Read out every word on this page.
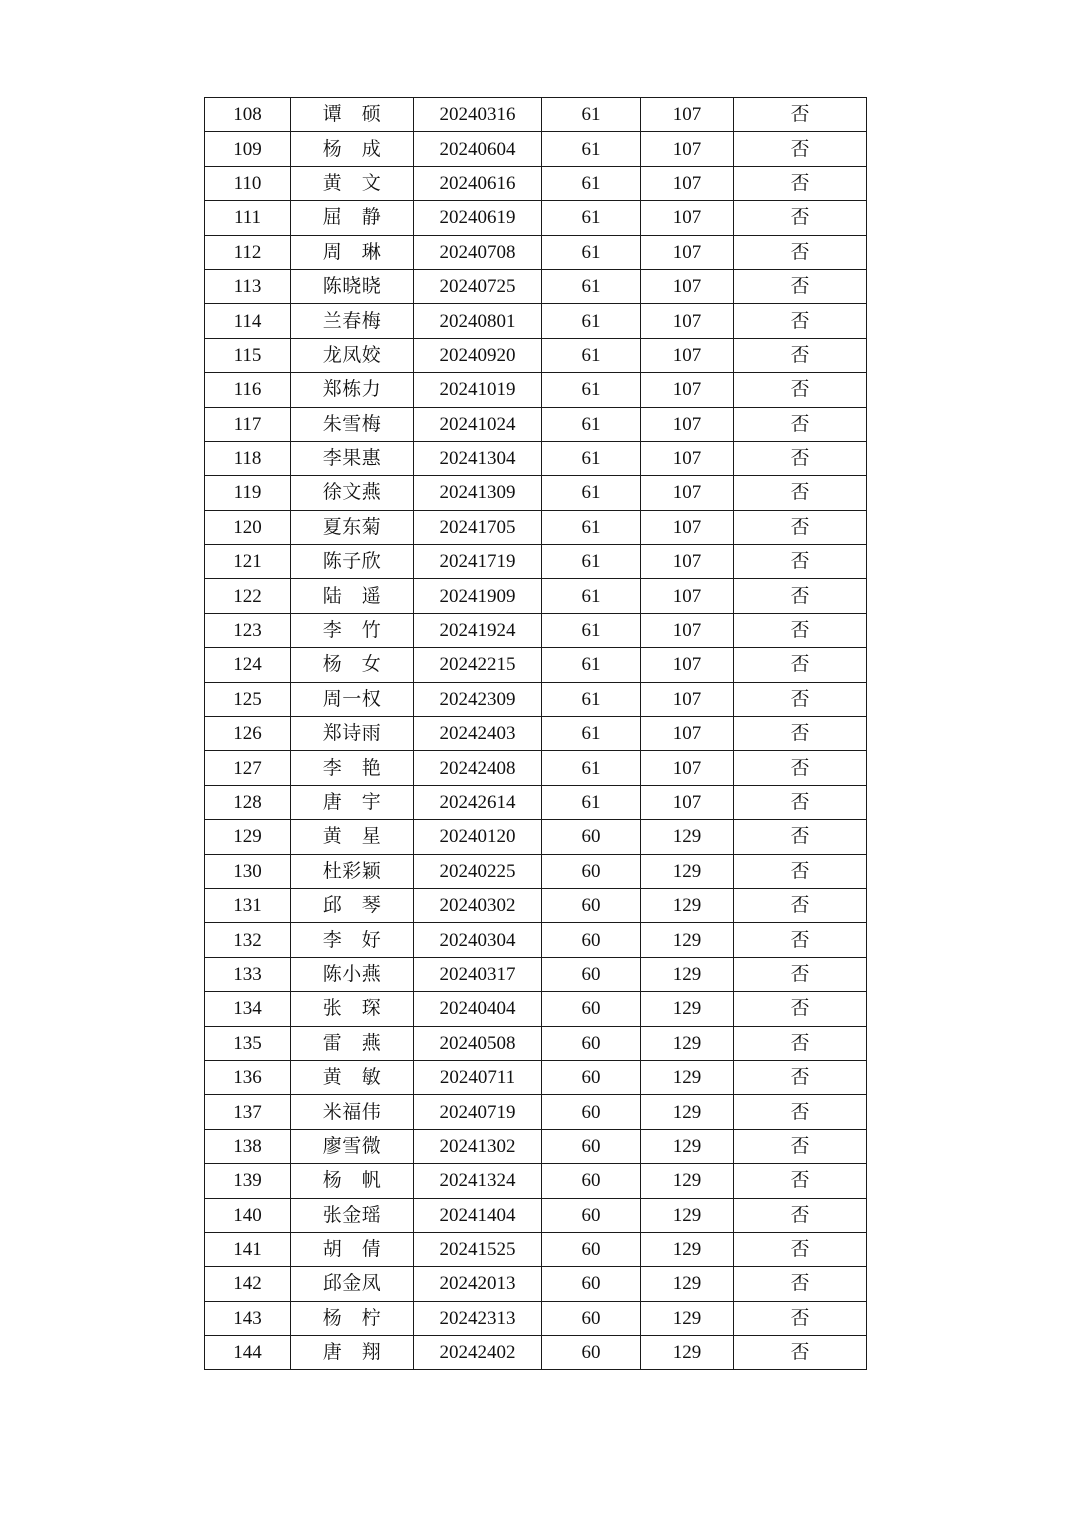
108	谭　硕	20240316	61	107	否
109	杨　成	20240604	61	107	否
110	黄　文	20240616	61	107	否
111	屈　静	20240619	61	107	否
112	周　琳	20240708	61	107	否
113	陈晓晓	20240725	61	107	否
114	兰春梅	20240801	61	107	否
115	龙凤姣	20240920	61	107	否
116	郑栋力	20241019	61	107	否
117	朱雪梅	20241024	61	107	否
118	李果惠	20241304	61	107	否
119	徐文燕	20241309	61	107	否
120	夏东菊	20241705	61	107	否
121	陈子欣	20241719	61	107	否
122	陆　遥	20241909	61	107	否
123	李　竹	20241924	61	107	否
124	杨　女	20242215	61	107	否
125	周一权	20242309	61	107	否
126	郑诗雨	20242403	61	107	否
127	李　艳	20242408	61	107	否
128	唐　宇	20242614	61	107	否
129	黄　星	20240120	60	129	否
130	杜彩颖	20240225	60	129	否
131	邱　琴	20240302	60	129	否
132	李　好	20240304	60	129	否
133	陈小燕	20240317	60	129	否
134	张　琛	20240404	60	129	否
135	雷　燕	20240508	60	129	否
136	黄　敏	20240711	60	129	否
137	米福伟	20240719	60	129	否
138	廖雪微	20241302	60	129	否
139	杨　帆	20241324	60	129	否
140	张金瑶	20241404	60	129	否
141	胡　倩	20241525	60	129	否
142	邱金凤	20242013	60	129	否
143	杨　柠	20242313	60	129	否
144	唐　翔	20242402	60	129	否
